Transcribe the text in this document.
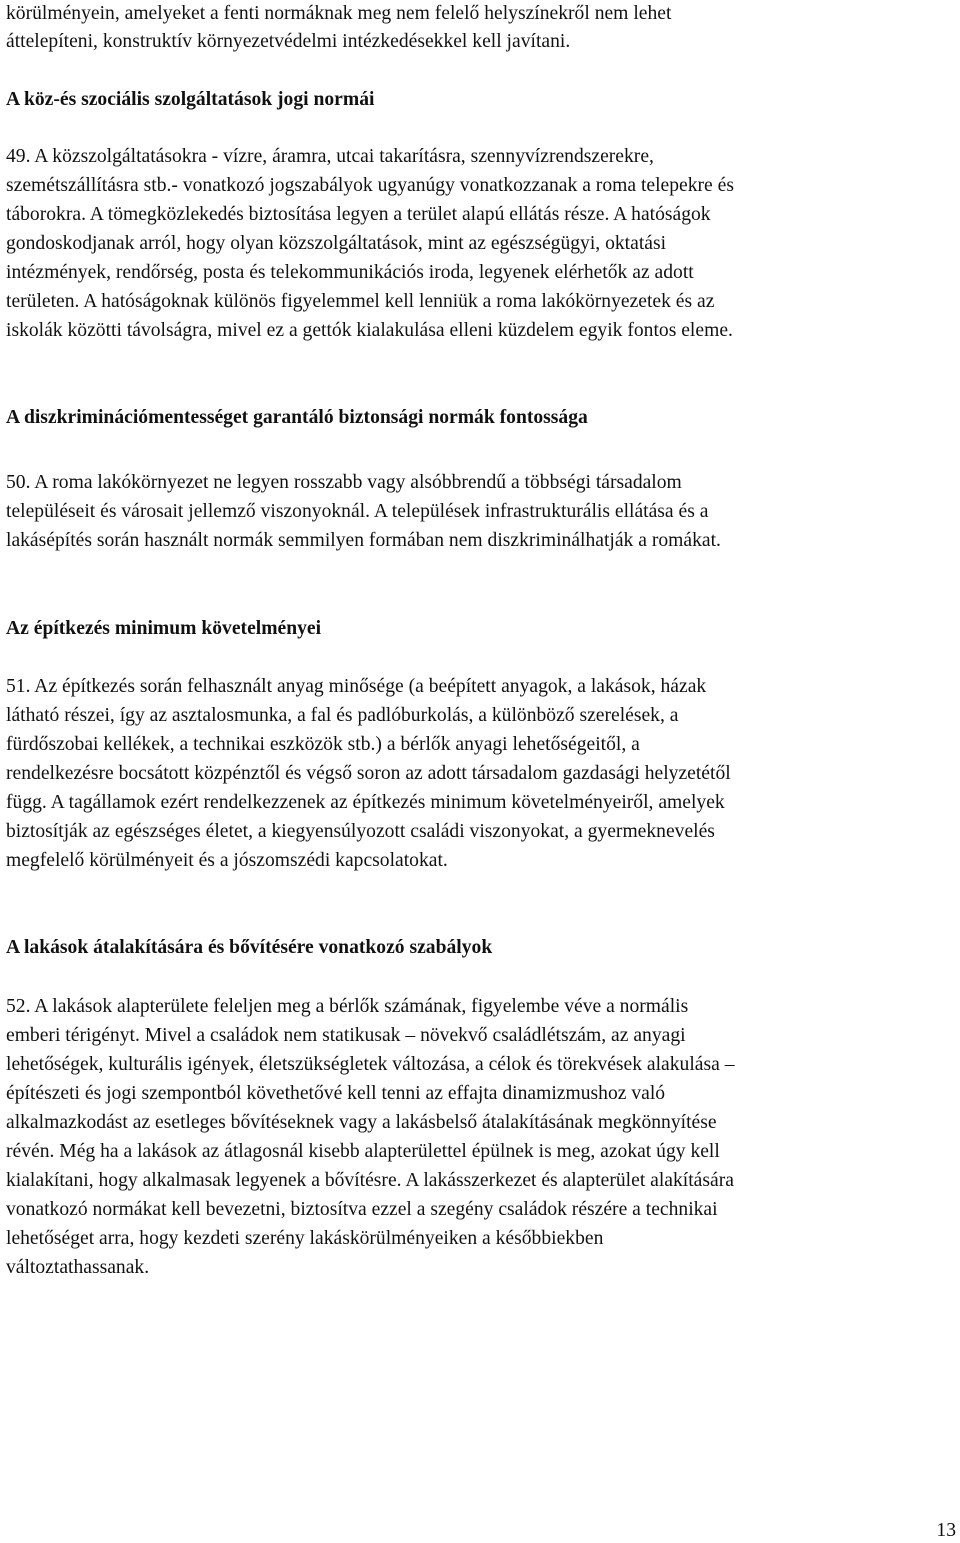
körülményein, amelyeket a fenti normáknak meg nem felelő helyszínekről nem lehet
áttelepíteni, konstruktív környezetvédelmi intézkedésekkel kell javítani.
A köz-és szociális szolgáltatások jogi normái
49. A közszolgáltatásokra - vízre, áramra, utcai takarításra, szennyvízrendszerekre,
szemétszállításra stb.- vonatkozó jogszabályok ugyanúgy vonatkozzanak a roma telepekre és
táborokra. A tömegközlekedés biztosítása legyen a terület alapú ellátás része. A hatóságok
gondoskodjanak arról, hogy olyan közszolgáltatások, mint az egészségügyi, oktatási
intézmények, rendőrség, posta és telekommunikációs iroda, legyenek elérhetők az adott
területen. A hatóságoknak különös figyelemmel kell lenniük a roma lakókörnyezetek és az
iskolák közötti távolságra, mivel ez a gettók kialakulása elleni küzdelem egyik fontos eleme.
A diszkriminációmentességet garantáló biztonsági normák fontossága
50. A roma lakókörnyezet ne legyen rosszabb vagy alsóbbrendű a többségi társadalom
településeit és városait jellemző viszonyoknál. A települések infrastrukturális ellátása és a
lakásépítés során használt normák semmilyen formában nem diszkriminálhatják a romákat.
Az építkezés minimum követelményei
51. Az építkezés során felhasznált anyag minősége (a beépített anyagok, a lakások, házak
látható részei, így az asztalosmunka, a fal és padlóburkolás, a különböző szerelések, a
fürdőszobai kellékek, a technikai eszközök stb.) a bérlők anyagi lehetőségeitől, a
rendelkezésre bocsátott közpénztől és végső soron az adott társadalom gazdasági helyzetétől
függ. A tagállamok ezért rendelkezzenek az építkezés minimum követelményeiről, amelyek
biztosítják az egészséges életet, a kiegyensúlyozott családi viszonyokat, a gyermeknevelés
megfelelő körülményeit és a jószomszédi kapcsolatokat.
A lakások átalakítására és bővítésére vonatkozó szabályok
52. A lakások alapterülete feleljen meg a bérlők számának, figyelembe véve a normális
emberi térigényt. Mivel a családok nem statikusak – növekvő családlétszám, az anyagi
lehetőségek, kulturális igények, életszükségletek változása, a célok és törekvések alakulása –
építészeti és jogi szempontból követhetővé kell tenni az effajta dinamizmushoz való
alkalmazkodást az esetleges bővítéseknek vagy a lakásbelső átalakításának megkönnyítése
révén. Még ha a lakások az átlagosnál kisebb alapterülettel épülnek is meg, azokat úgy kell
kialakítani, hogy alkalmasak legyenek a bővítésre. A lakásszerkezet és alapterület alakítására
vonatkozó normákat kell bevezetni, biztosítva ezzel a szegény családok részére a technikai
lehetőséget arra, hogy kezdeti szerény lakáskörülményeiken a későbbiekben
változtathassanak.
13
